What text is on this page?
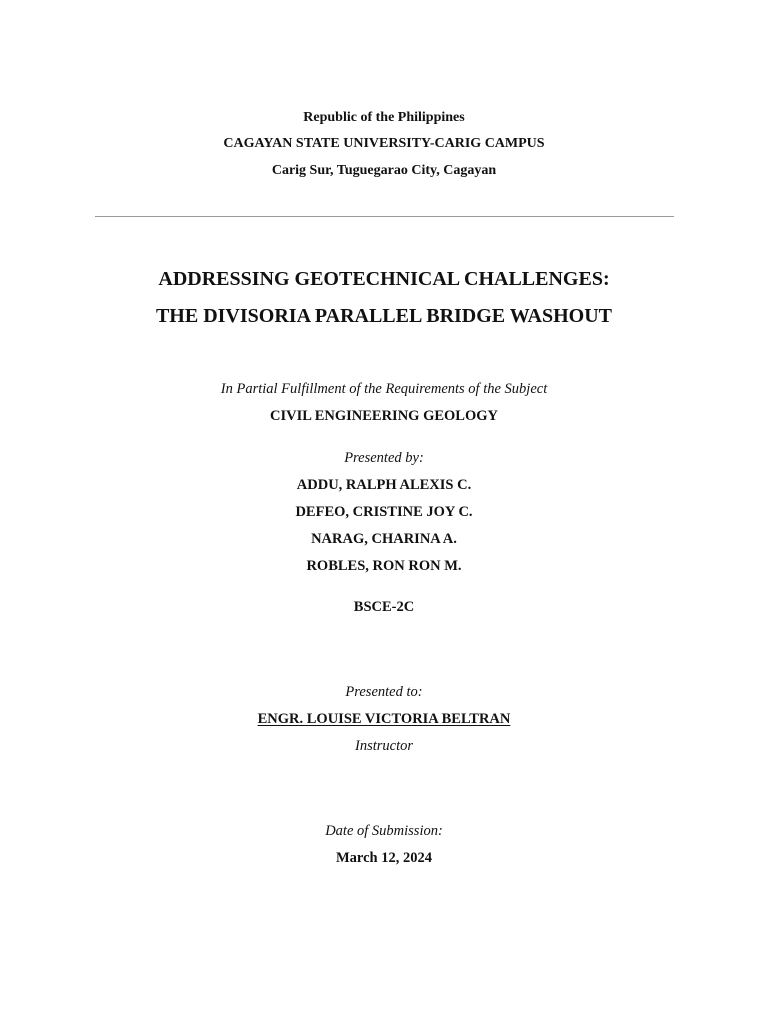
Republic of the Philippines
CAGAYAN STATE UNIVERSITY-CARIG CAMPUS
Carig Sur, Tuguegarao City, Cagayan
ADDRESSING GEOTECHNICAL CHALLENGES:
THE DIVISORIA PARALLEL BRIDGE WASHOUT
In Partial Fulfillment of the Requirements of the Subject
CIVIL ENGINEERING GEOLOGY
Presented by:
ADDU, RALPH ALEXIS C.
DEFEO, CRISTINE JOY C.
NARAG, CHARINA A.
ROBLES, RON RON M.
BSCE-2C
Presented to:
ENGR. LOUISE VICTORIA BELTRAN
Instructor
Date of Submission:
March 12, 2024
